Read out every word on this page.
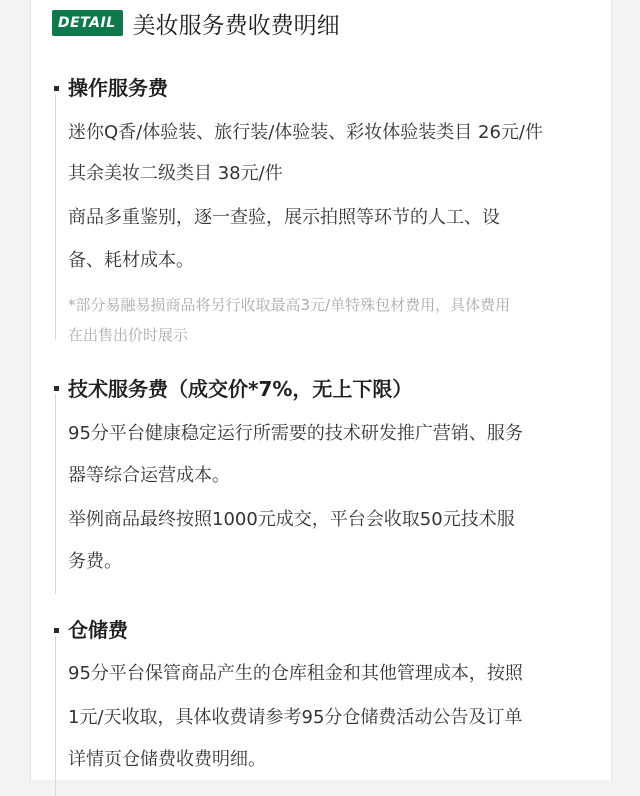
DETAIL 美妆服务费收费明细
操作服务费
迷你Q香/体验装、旅行装/体验装、彩妆体验装类目 26元/件
其余美妆二级类目 38元/件
商品多重鉴别，逐一查验，展示拍照等环节的人工、设
备、耗材成本。
*部分易融易损商品将另行收取最高3元/单特殊包材费用，具体费用
在出售出价时展示
技术服务费（成交价*7%，无上下限）
95分平台健康稳定运行所需要的技术研发推广营销、服务
器等综合运营成本。
举例商品最终按照1000元成交，平台会收取50元技术服
务费。
仓储费
95分平台保管商品产生的仓库租金和其他管理成本，按照
1元/天收取，具体收费请参考95分仓储费活动公告及订单
详情页仓储费收费明细。
